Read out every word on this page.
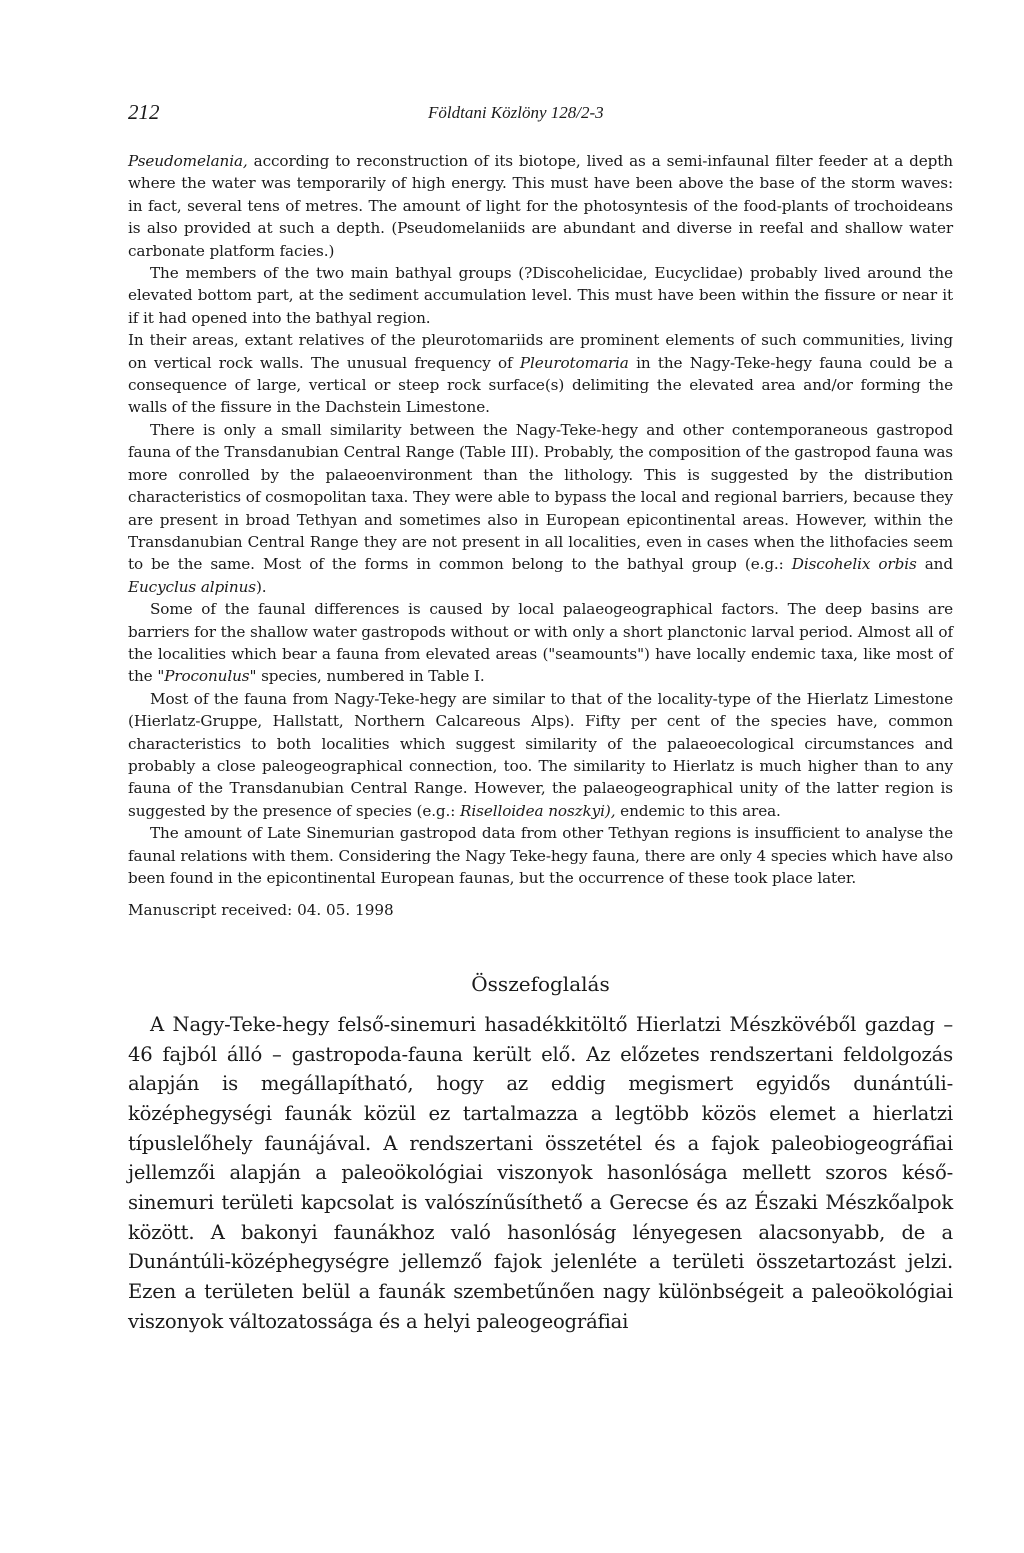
212	Földtani Közlöny 128/2-3

Pseudomelania, according to reconstruction of its biotope, lived as a semi-infaunal filter feeder at a depth where the water was temporarily of high energy. This must have been above the base of the storm waves: in fact, several tens of metres. The amount of light for the photosyntesis of the food-plants of trochoideans is also provided at such a depth. (Pseudomelaniids are abundant and diverse in reefal and shallow water carbonate platform facies.)

The members of the two main bathyal groups (?Discohelicidae, Eucyclidae) probably lived around the elevated bottom part, at the sediment accumulation level. This must have been within the fissure or near it if it had opened into the bathyal region.

In their areas, extant relatives of the pleurotomariids are prominent elements of such communities, living on vertical rock walls. The unusual frequency of Pleurotomaria in the Nagy-Teke-hegy fauna could be a consequence of large, vertical or steep rock surface(s) delimiting the elevated area and/or forming the walls of the fissure in the Dachstein Limestone.

There is only a small similarity between the Nagy-Teke-hegy and other contemporaneous gastropod fauna of the Transdanubian Central Range (Table III). Probably, the composition of the gastropod fauna was more conrolled by the palaeoenvironment than the lithology. This is suggested by the distribution characteristics of cosmopolitan taxa. They were able to bypass the local and regional barriers, because they are present in broad Tethyan and sometimes also in European epicontinental areas. However, within the Transdanubian Central Range they are not present in all localities, even in cases when the lithofacies seem to be the same. Most of the forms in common belong to the bathyal group (e.g.: Discohelix orbis and Eucyclus alpinus).

Some of the faunal differences is caused by local palaeogeographical factors. The deep basins are barriers for the shallow water gastropods without or with only a short planctonic larval period. Almost all of the localities which bear a fauna from elevated areas ("seamounts") have locally endemic taxa, like most of the "Proconulus" species, numbered in Table I.

Most of the fauna from Nagy-Teke-hegy are similar to that of the locality-type of the Hierlatz Limestone (Hierlatz-Gruppe, Hallstatt, Northern Calcareous Alps). Fifty per cent of the species have, common characteristics to both localities which suggest similarity of the palaeoecological circumstances and probably a close paleogeographical connection, too. The similarity to Hierlatz is much higher than to any fauna of the Transdanubian Central Range. However, the palaeogeographical unity of the latter region is suggested by the presence of species (e.g.: Riselloidea noszkyi), endemic to this area.

The amount of Late Sinemurian gastropod data from other Tethyan regions is insufficient to analyse the faunal relations with them. Considering the Nagy Teke-hegy fauna, there are only 4 species which have also been found in the epicontinental European faunas, but the occurrence of these took place later.

Manuscript received: 04. 05. 1998
Összefoglalás

A Nagy-Teke-hegy felső-sinemuri hasadékkitöltő Hierlatzi Mészkövéből gazdag – 46 fajból álló – gastropoda-fauna került elő. Az előzetes rendszertani feldolgozás alapján is megállapítható, hogy az eddig megismert egyidős dunántúli-középhegységi faunák közül ez tartalmazza a legtöbb közös elemet a hierlatzi típuslelőhely faunájával. A rendszertani összetétel és a fajok paleobiogeográfiai jellemzői alapján a paleoökológiai viszonyok hasonlósága mellett szoros késő-sinemuri területi kapcsolat is valószínűsíthető a Gerecse és az Északi Mészkőalpok között. A bakonyi faunákhoz való hasonlóság lényegesen alacsonyabb, de a Dunántúli-középhegységre jellemző fajok jelenléte a területi összetartozást jelzi. Ezen a területen belül a faunák szembetűnően nagy különbségeit a paleoökológiai viszonyok változatossága és a helyi paleogeográfiai
